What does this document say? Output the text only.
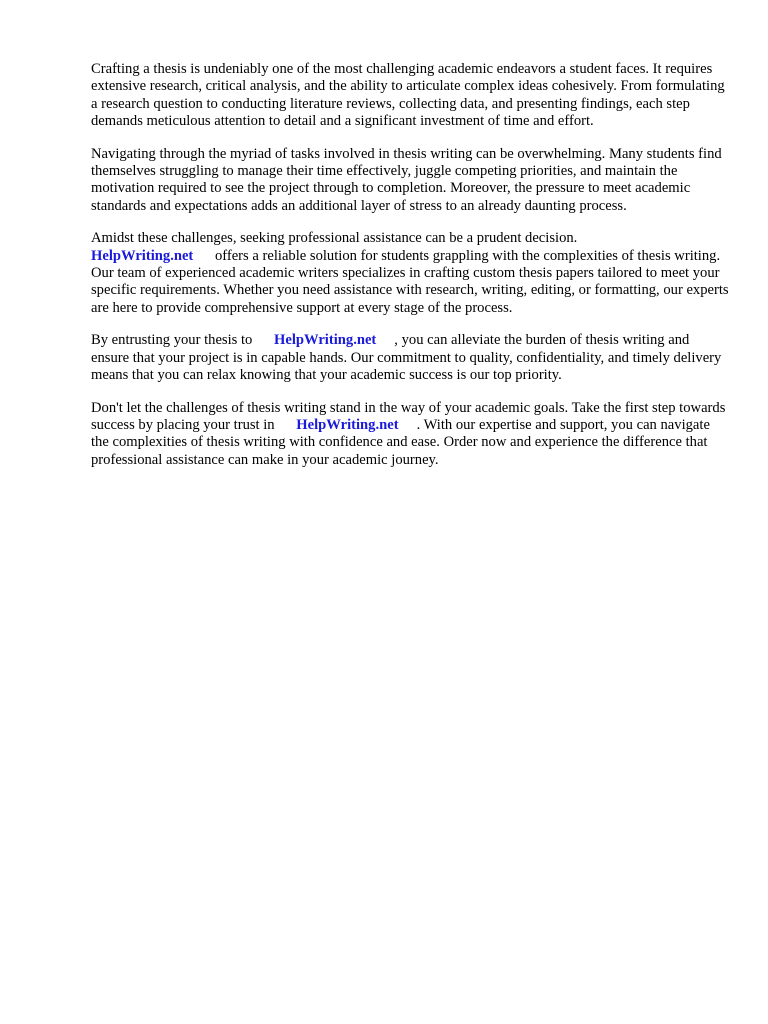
Crafting a thesis is undeniably one of the most challenging academic endeavors a student faces. It requires extensive research, critical analysis, and the ability to articulate complex ideas cohesively. From formulating a research question to conducting literature reviews, collecting data, and presenting findings, each step demands meticulous attention to detail and a significant investment of time and effort.

Navigating through the myriad of tasks involved in thesis writing can be overwhelming. Many students find themselves struggling to manage their time effectively, juggle competing priorities, and maintain the motivation required to see the project through to completion. Moreover, the pressure to meet academic standards and expectations adds an additional layer of stress to an already daunting process.

Amidst these challenges, seeking professional assistance can be a prudent decision.
HelpWriting.net offers a reliable solution for students grappling with the complexities of thesis writing. Our team of experienced academic writers specializes in crafting custom thesis papers tailored to meet your specific requirements. Whether you need assistance with research, writing, editing, or formatting, our experts are here to provide comprehensive support at every stage of the process.

By entrusting your thesis to HelpWriting.net , you can alleviate the burden of thesis writing and ensure that your project is in capable hands. Our commitment to quality, confidentiality, and timely delivery means that you can relax knowing that your academic success is our top priority.

Don't let the challenges of thesis writing stand in the way of your academic goals. Take the first step towards success by placing your trust in HelpWriting.net . With our expertise and support, you can navigate the complexities of thesis writing with confidence and ease. Order now and experience the difference that professional assistance can make in your academic journey.
